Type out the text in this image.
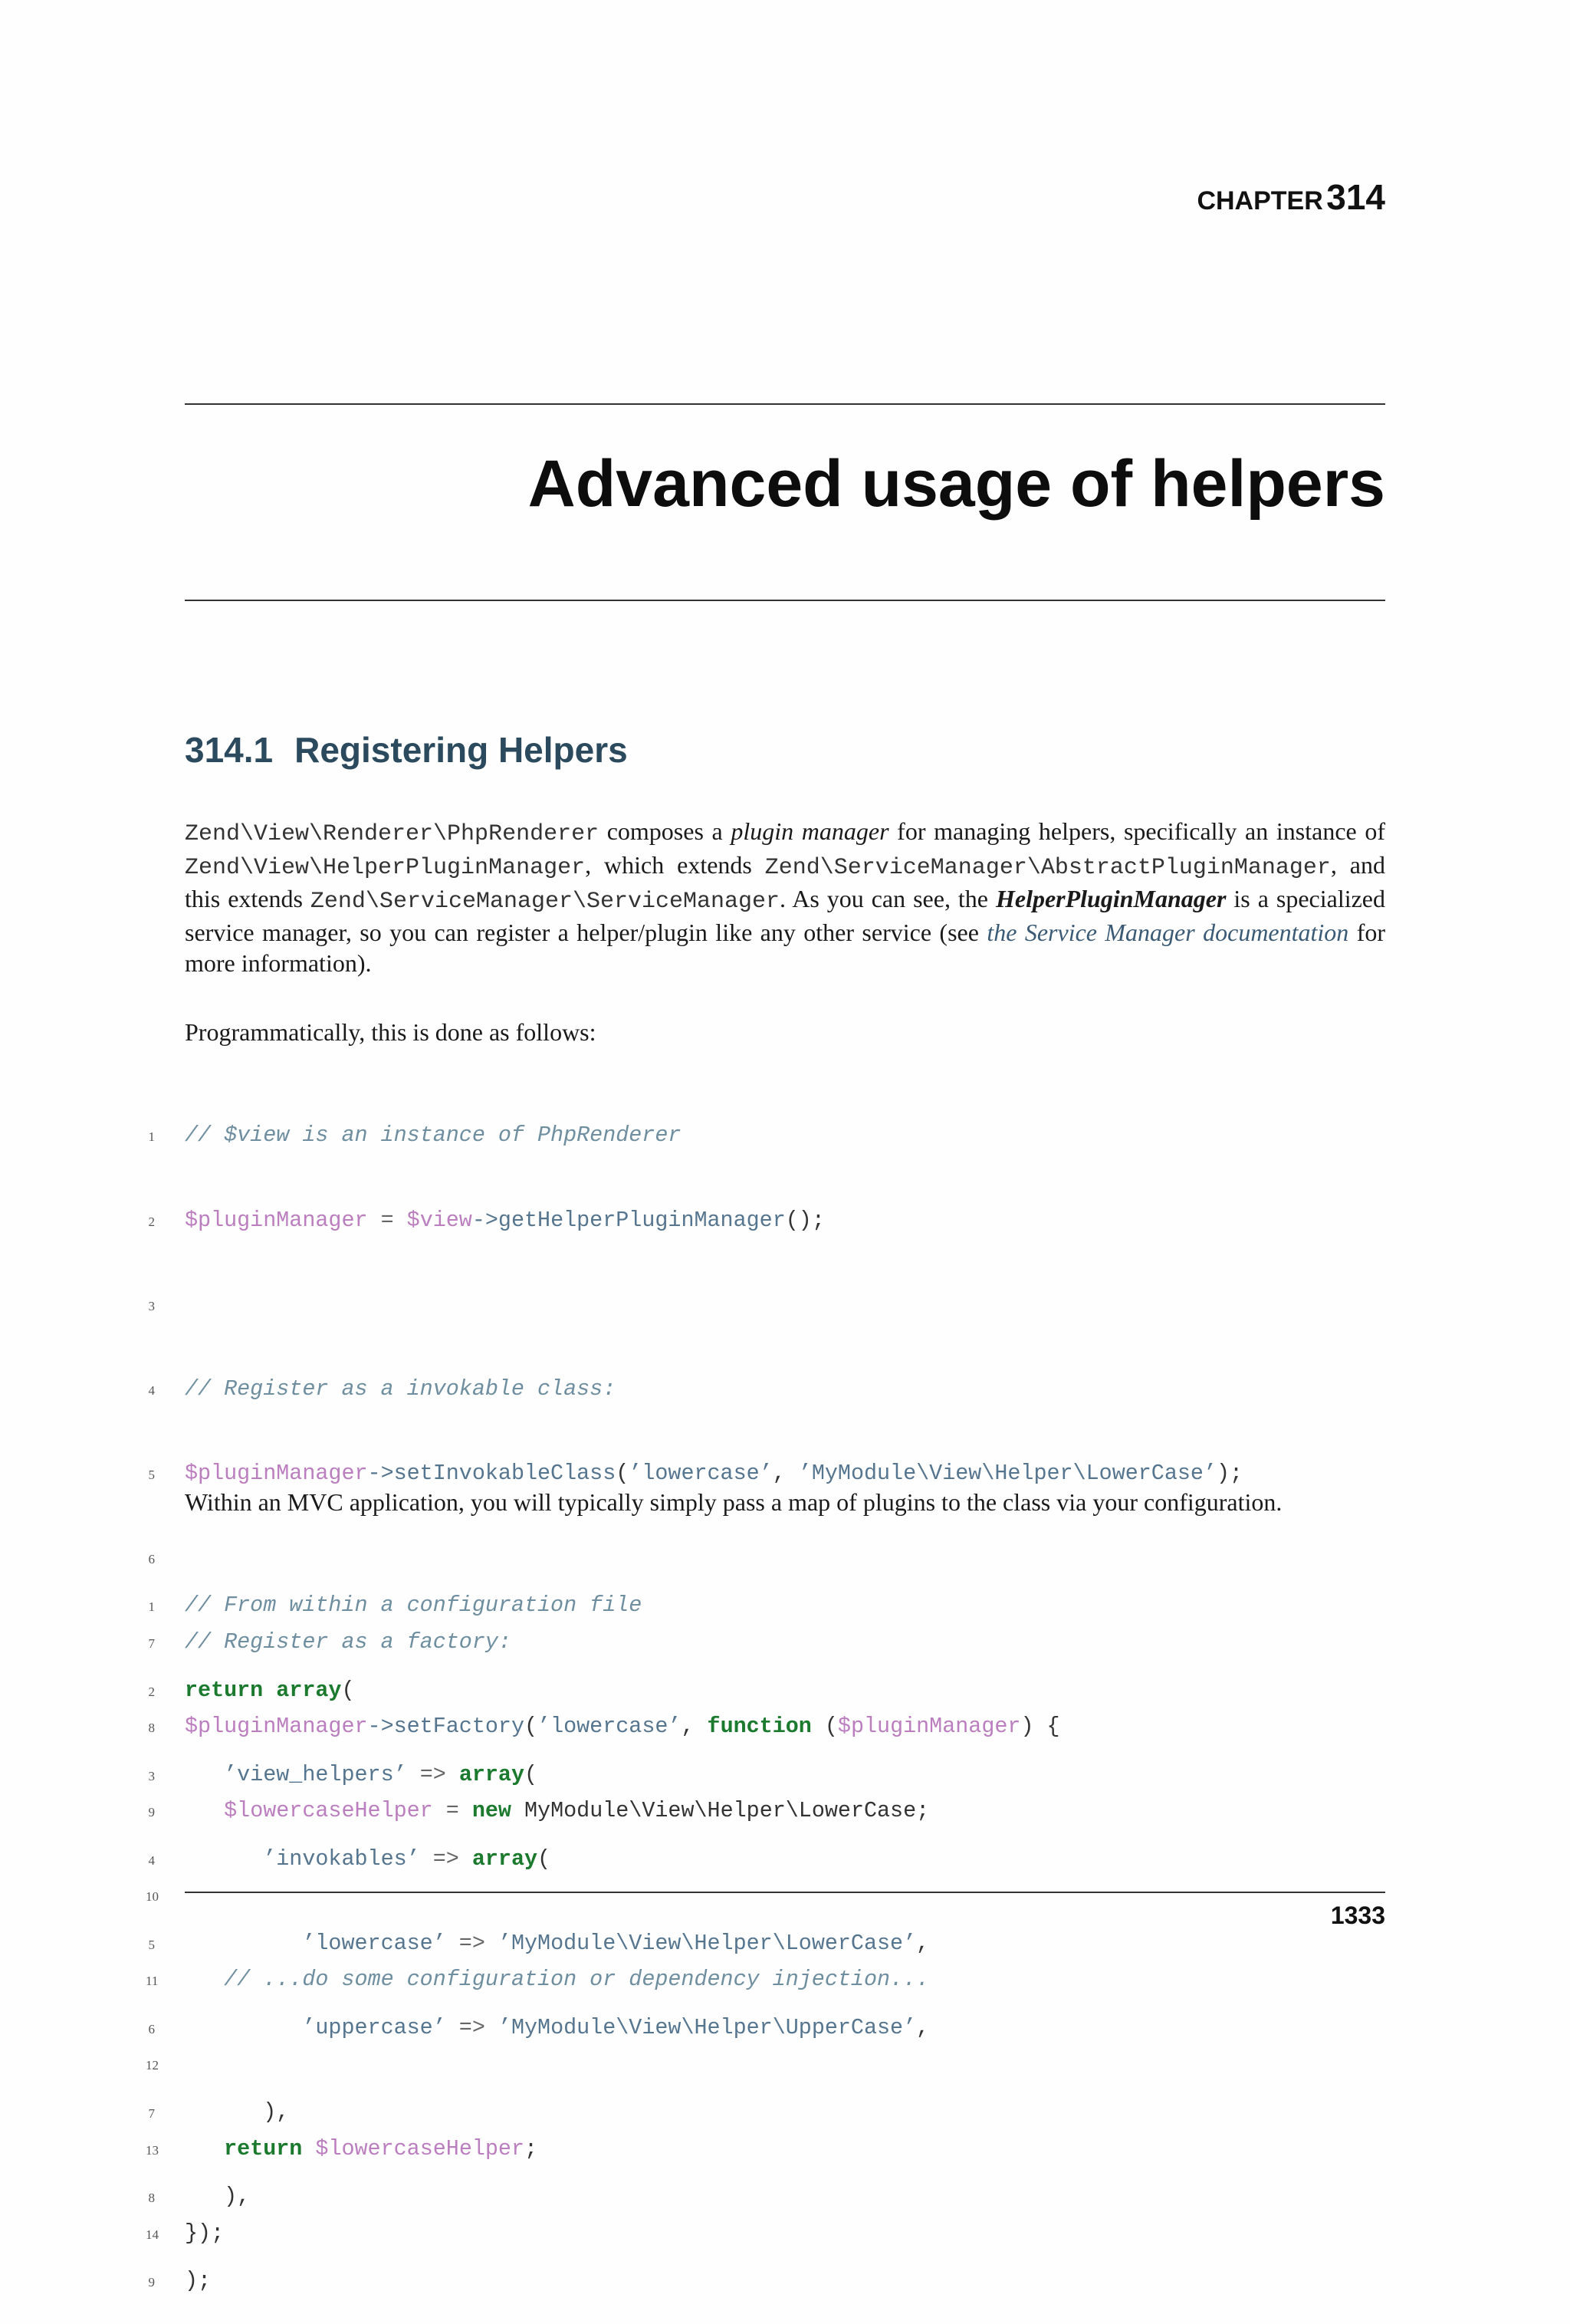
CHAPTER 314
Advanced usage of helpers
314.1 Registering Helpers
Zend\View\Renderer\PhpRenderer composes a plugin manager for managing helpers, specifically an instance of Zend\View\HelperPluginManager, which extends Zend\ServiceManager\AbstractPluginManager, and this extends Zend\ServiceManager\ServiceManager. As you can see, the HelperPluginManager is a specialized service manager, so you can register a helper/plugin like any other service (see the Service Manager documentation for more information).
Programmatically, this is done as follows:

1 // $view is an instance of PhpRenderer

2 $pluginManager = $view->getHelperPluginManager();

3

4 // Register as a invokable class:

5 $pluginManager->setInvokableClass(’lowercase’, ’MyModule\View\Helper\LowerCase’);

6

7 // Register as a factory:

8 $pluginManager->setFactory(’lowercase’, function ($pluginManager) {

9	$lowercaseHelper = new MyModule\View\Helper\LowerCase;

10

11	// ...do some configuration or dependency injection...

12

13	return $lowercaseHelper;

14 });

Within an MVC application, you will typically simply pass a map of plugins to the class via your configuration.

1 // From within a configuration file

2 return array(

3	’view_helpers’ => array(

4	’invokables’ => array(

5	’lowercase’ => ’MyModule\View\Helper\LowerCase’,

6	’uppercase’ => ’MyModule\View\Helper\UpperCase’,

7	),

8	),

9 );

1333
